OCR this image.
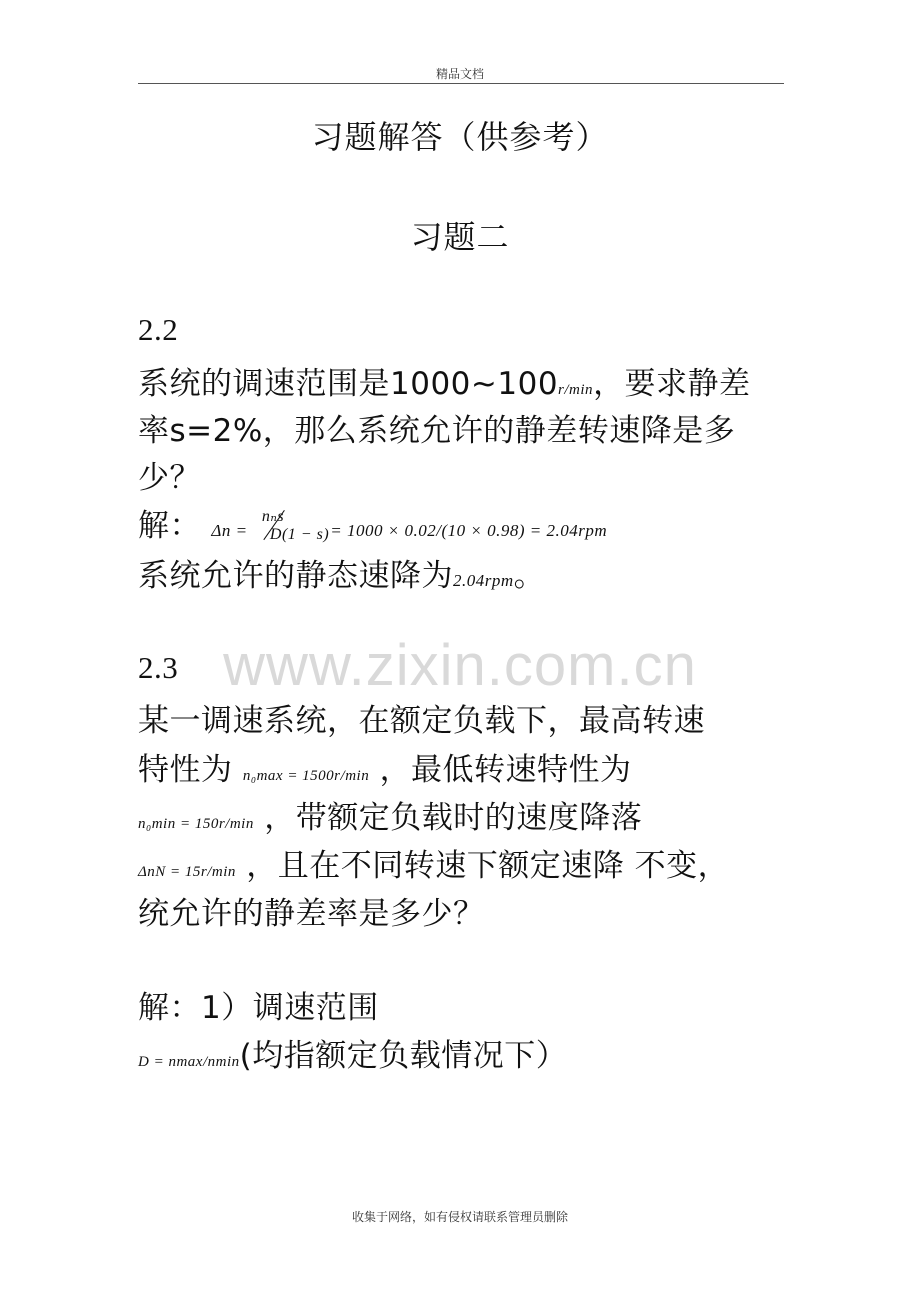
精品文档
习题解答（供参考）
习题二
www.zixin.com.cn
2.2
系统的调速范围是1000~100r/min，要求静差
率s=2%，那么系统允许的静差转速降是多
少？
解： Δn =
nₙs
D(1 − s) = 1000 × 0.02/(10 × 0.98) = 2.04rpm
系统允许的静态速降为2.04rpm。
2.3
某一调速系统，在额定负载下，最高转速
特性为 n₀max = 1500r/min ，最低转速特性为
n₀min = 150r/min ，带额定负载时的速度降落
ΔnN = 15r/min ，且在不同转速下额定速降 不变，
统允许的静差率是多少？
解：1）调速范围
D = nmax/nmin(均指额定负载情况下）
收集于网络，如有侵权请联系管理员删除
